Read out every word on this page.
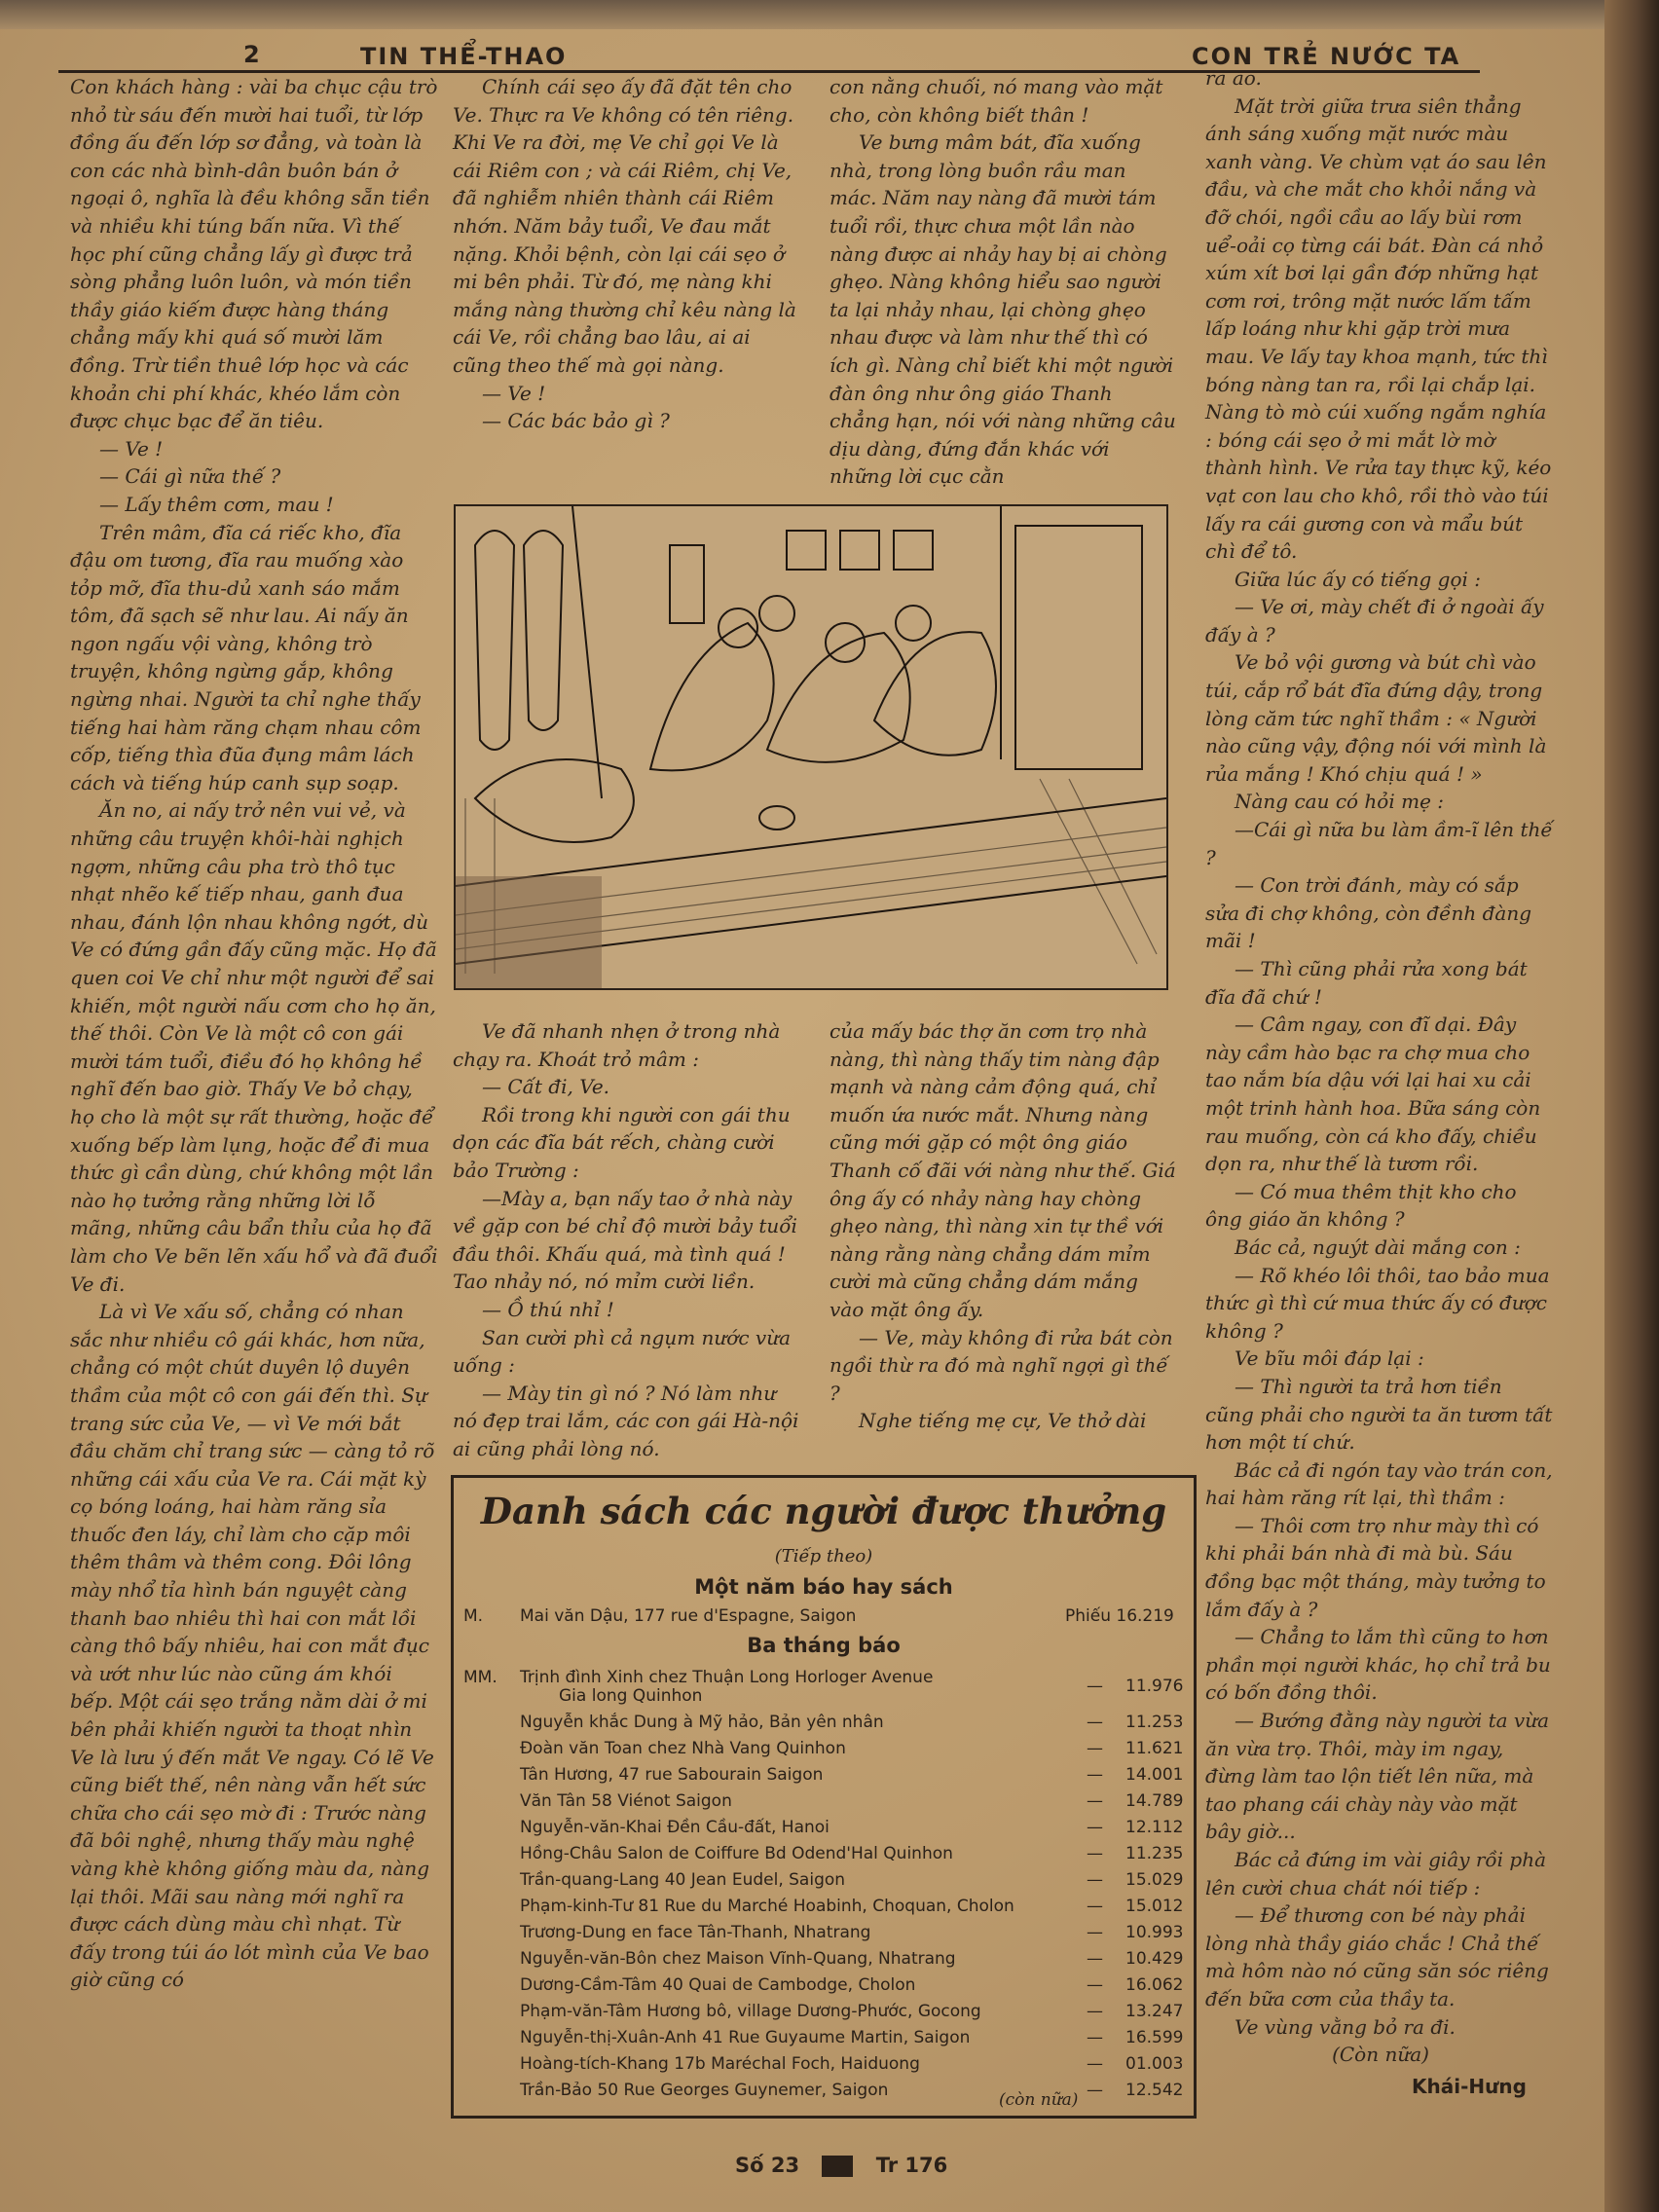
2	TIN THỂ-THAO	CON TRẺ NƯỚC TA

Con khách hàng : vài ba chục cậu trò nhỏ từ sáu đến mười hai tuổi, từ lớp đồng ấu đến lớp sơ đẳng, và toàn là con các nhà bình-dân buôn bán ở ngoại ô, nghĩa là đều không sẵn tiền và nhiều khi túng bấn nữa. Vì thế học phí cũng chẳng lấy gì được trả sòng phẳng luôn luôn, và món tiền thầy giáo kiếm được hàng tháng chẳng mấy khi quá số mười lăm đồng. Trừ tiền thuê lớp học và các khoản chi phí khác, khéo lắm còn được chục bạc để ăn tiêu.

— Ve !

— Cái gì nữa thế ?

— Lấy thêm cơm, mau !

Trên mâm, đĩa cá riếc kho, đĩa đậu om tương, đĩa rau muống xào tỏp mỡ, đĩa thu-dủ xanh sáo mắm tôm, đã sạch sẽ như lau. Ai nấy ăn ngon ngấu vội vàng, không trò truyện, không ngừng gắp, không ngừng nhai. Người ta chỉ nghe thấy tiếng hai hàm răng chạm nhau côm cốp, tiếng thìa đũa đụng mâm lách cách và tiếng húp canh sụp soạp.

Ăn no, ai nấy trở nên vui vẻ, và những câu truyện khôi-hài nghịch ngợm, những câu pha trò thô tục nhạt nhẽo kế tiếp nhau, ganh đua nhau, đánh lộn nhau không ngớt, dù Ve có đứng gần đấy cũng mặc. Họ đã quen coi Ve chỉ như một người để sai khiến, một người nấu cơm cho họ ăn, thế thôi. Còn Ve là một cô con gái mười tám tuổi, điều đó họ không hề nghĩ đến bao giờ. Thấy Ve bỏ chạy, họ cho là một sự rất thường, hoặc để xuống bếp làm lụng, hoặc để đi mua thức gì cần dùng, chứ không một lần nào họ tưởng rằng những lời lỗ mãng, những câu bẩn thỉu của họ đã làm cho Ve bẽn lẽn xấu hổ và đã đuổi Ve đi.

Là vì Ve xấu số, chẳng có nhan sắc như nhiều cô gái khác, hơn nữa, chẳng có một chút duyên lộ duyên thầm của một cô con gái đến thì. Sự trang sức của Ve, — vì Ve mới bắt đầu chăm chỉ trang sức — càng tỏ rõ những cái xấu của Ve ra. Cái mặt kỳ cọ bóng loáng, hai hàm răng sỉa thuốc đen láy, chỉ làm cho cặp môi thêm thâm và thêm cong. Đôi lông mày nhổ tỉa hình bán nguyệt càng thanh bao nhiêu thì hai con mắt lồi càng thô bấy nhiêu, hai con mắt đục và ướt như lúc nào cũng ám khói bếp. Một cái sẹo trắng nằm dài ở mi bên phải khiến người ta thoạt nhìn Ve là lưu ý đến mắt Ve ngay. Có lẽ Ve cũng biết thế, nên nàng vẫn hết sức chữa cho cái sẹo mờ đi : Trước nàng đã bôi nghệ, nhưng thấy màu nghệ vàng khè không giống màu da, nàng lại thôi. Mãi sau nàng mới nghĩ ra được cách dùng màu chì nhạt. Từ đấy trong túi áo lót mình của Ve bao giờ cũng có

Chính cái sẹo ấy đã đặt tên cho Ve. Thực ra Ve không có tên riêng. Khi Ve ra đời, mẹ Ve chỉ gọi Ve là cái Riêm con ; và cái Riêm, chị Ve, đã nghiễm nhiên thành cái Riêm nhớn. Năm bảy tuổi, Ve đau mắt nặng. Khỏi bệnh, còn lại cái sẹo ở mi bên phải. Từ đó, mẹ nàng khi mắng nàng thường chỉ kêu nàng là cái Ve, rồi chẳng bao lâu, ai ai cũng theo thế mà gọi nàng.

— Ve !

— Các bác bảo gì ?

con nằng chuối, nó mang vào mặt cho, còn không biết thân !

Ve bưng mâm bát, đĩa xuống nhà, trong lòng buồn rầu man mác. Năm nay nàng đã mười tám tuổi rồi, thực chưa một lần nào nàng được ai nhảy hay bị ai chòng ghẹo. Nàng không hiểu sao người ta lại nhảy nhau, lại chòng ghẹo nhau được và làm như thế thì có ích gì. Nàng chỉ biết khi một người đàn ông như ông giáo Thanh chẳng hạn, nói với nàng những câu dịu dàng, đứng đắn khác với những lời cục cằn

Ve đã nhanh nhẹn ở trong nhà chạy ra. Khoát trỏ mâm :

— Cất đi, Ve.

Rồi trong khi người con gái thu dọn các đĩa bát rếch, chàng cười bảo Trường :

—Mày a, bạn nấy tao ở nhà này về gặp con bé chỉ độ mười bảy tuổi đầu thôi. Khấu quá, mà tình quá ! Tao nhảy nó, nó mỉm cười liền.

— Ồ thú nhỉ !

San cười phì cả ngụm nước vừa uống :

— Mày tin gì nó ? Nó làm như nó đẹp trai lắm, các con gái Hà-nội ai cũng phải lòng nó.

của mấy bác thợ ăn cơm trọ nhà nàng, thì nàng thấy tim nàng đập mạnh và nàng cảm động quá, chỉ muốn ứa nước mắt. Nhưng nàng cũng mới gặp có một ông giáo Thanh cố đãi với nàng như thế. Giá ông ấy có nhảy nàng hay chòng ghẹo nàng, thì nàng xin tự thề với nàng rằng nàng chẳng dám mỉm cười mà cũng chẳng dám mắng vào mặt ông ấy.

— Ve, mày không đi rửa bát còn ngồi thừ ra đó mà nghĩ ngợi gì thế ?

Nghe tiếng mẹ cự, Ve thở dài

ra ao.

Mặt trời giữa trưa siên thẳng ánh sáng xuống mặt nước màu xanh vàng. Ve chùm vạt áo sau lên đầu, và che mắt cho khỏi nắng và đỡ chói, ngồi cầu ao lấy bùi rơm uể-oải cọ từng cái bát. Đàn cá nhỏ xúm xít bơi lại gần đớp những hạt cơm rơi, trông mặt nước lấm tấm lấp loáng như khi gặp trời mưa mau. Ve lấy tay khoa mạnh, tức thì bóng nàng tan ra, rồi lại chắp lại. Nàng tò mò cúi xuống ngắm nghía : bóng cái sẹo ở mi mắt lờ mờ thành hình. Ve rửa tay thực kỹ, kéo vạt con lau cho khô, rồi thò vào túi lấy ra cái gương con và mẩu bút chì để tô.

Giữa lúc ấy có tiếng gọi :

— Ve ơi, mày chết đi ở ngoài ấy đấy à ?

Ve bỏ vội gương và bút chì vào túi, cắp rổ bát đĩa đứng dậy, trong lòng căm tức nghĩ thầm : « Người nào cũng vậy, động nói với mình là rủa mắng ! Khó chịu quá ! »

Nàng cau có hỏi mẹ :

—Cái gì nữa bu làm ầm-ĩ lên thế ?

— Con trời đánh, mày có sắp sửa đi chợ không, còn đềnh đàng mãi !

— Thì cũng phải rửa xong bát đĩa đã chứ !

— Câm ngay, con đĩ dại. Đây này cầm hào bạc ra chợ mua cho tao nắm bía dậu với lại hai xu cải một trinh hành hoa. Bữa sáng còn rau muống, còn cá kho đấy, chiều dọn ra, như thế là tươm rồi.

— Có mua thêm thịt kho cho ông giáo ăn không ?

Bác cả, nguýt dài mắng con :

— Rõ khéo lôi thôi, tao bảo mua thức gì thì cứ mua thức ấy có được không ?

Ve bĩu môi đáp lại :

— Thì người ta trả hơn tiền cũng phải cho người ta ăn tươm tất hơn một tí chứ.

Bác cả đi ngón tay vào trán con, hai hàm răng rít lại, thì thầm :

— Thôi cơm trọ như mày thì có khi phải bán nhà đi mà bù. Sáu đồng bạc một tháng, mày tưởng to lắm đấy à ?

— Chẳng to lắm thì cũng to hơn phần mọi người khác, họ chỉ trả bu có bốn đồng thôi.

— Bướng đằng này người ta vừa ăn vừa trọ. Thôi, mày im ngay, đừng làm tao lộn tiết lên nữa, mà tao phang cái chày này vào mặt bây giờ...

Bác cả đứng im vài giây rồi phà lên cười chua chát nói tiếp :

— Để thương con bé này phải lòng nhà thầy giáo chắc ! Chả thế mà hôm nào nó cũng săn sóc riêng đến bữa cơm của thầy ta.

Ve vùng vằng bỏ ra đi.

(Còn nữa)

Khái-Hưng
Danh sách các người được thưởng
(Tiếp theo)
Một năm báo hay sách
M. Mai văn Dậu, 177 rue d'Espagne, Saigon	Phiếu 16.219
Ba tháng báo
MM. Trịnh đình Xinh chez Thuận Long Horloger Avenue
Gia long Quinhon	— 11.976
Nguyễn khắc Dung à Mỹ hảo, Bản yên nhân	— 11.253
Đoàn văn Toan chez Nhà Vang Quinhon	— 11.621
Tân Hương, 47 rue Sabourain Saigon	— 14.001
Văn Tân 58 Viénot Saigon	— 14.789
Nguyễn-văn-Khai Đền Cầu-đất, Hanoi	— 12.112
Hồng-Châu Salon de Coiffure Bd Odend'Hal Quinhon	— 11.235
Trần-quang-Lang 40 Jean Eudel, Saigon	— 15.029
Phạm-kinh-Tư 81 Rue du Marché Hoabinh, Choquan, Cholon	— 15.012
Trương-Dung en face Tân-Thanh, Nhatrang	— 10.993
Nguyễn-văn-Bôn chez Maison Vĩnh-Quang, Nhatrang	— 10.429
Dương-Cầm-Tâm 40 Quai de Cambodge, Cholon	— 16.062
Phạm-văn-Tâm Hương bô, village Dương-Phước, Gocong	— 13.247
Nguyễn-thị-Xuân-Anh 41 Rue Guyaume Martin, Saigon	— 16.599
Hoàng-tích-Khang 17b Maréchal Foch, Haiduong	— 01.003
Trần-Bảo 50 Rue Georges Guynemer, Saigon	— 12.542
(còn nữa)
Số 23	Tr 176
